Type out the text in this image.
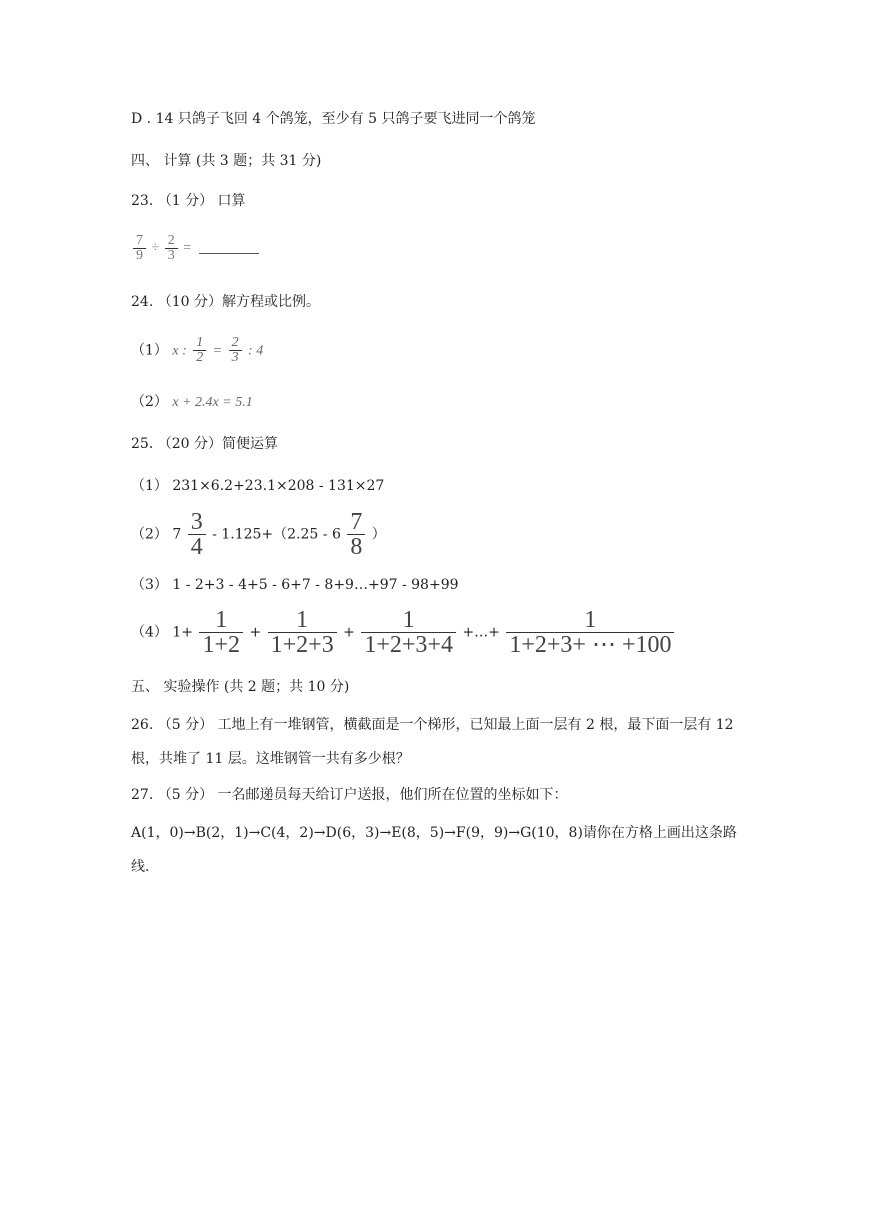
D . 14 只鸽子飞回 4 个鸽笼，至少有 5 只鸽子要飞进同一个鸽笼
四、 计算 (共 3 题；共 31 分)
23. （1 分） 口算
$\frac{7}{9} \div \frac{2}{3}$ =
24. （10 分）解方程或比例。
（1） x : $\frac{1}{2} = \frac{2}{3}$ : 4
（2） x + 2.4x = 5.1
25. （20 分）简便运算
（1） 231×6.2+23.1×208 - 131×27
（2） $7 \frac{3}{4} - 1.125+(2.25 - 6 \frac{7}{8}$ ）
（3） 1 - 2+3 - 4+5 - 6+7 - 8+9…+97 - 98+99
（4） $1+ \frac{1}{1+2} + \frac{1}{1+2+3} + \frac{1}{1+2+3+4}$ +…+ $\frac{1}{1+2+3+ \cdots +100}$
五、 实验操作 (共 2 题；共 10 分)
26. （5 分） 工地上有一堆钢管，横截面是一个梯形，已知最上面一层有 2 根，最下面一层有 12 根，共堆了 11 层。这堆钢管一共有多少根？
27. （5 分） 一名邮递员每天给订户送报，他们所在位置的坐标如下：
A(1，0)→B(2，1)→C(4，2)→D(6，3)→E(8，5)→F(9，9)→G(10，8)请你在方格上画出这条路线.
